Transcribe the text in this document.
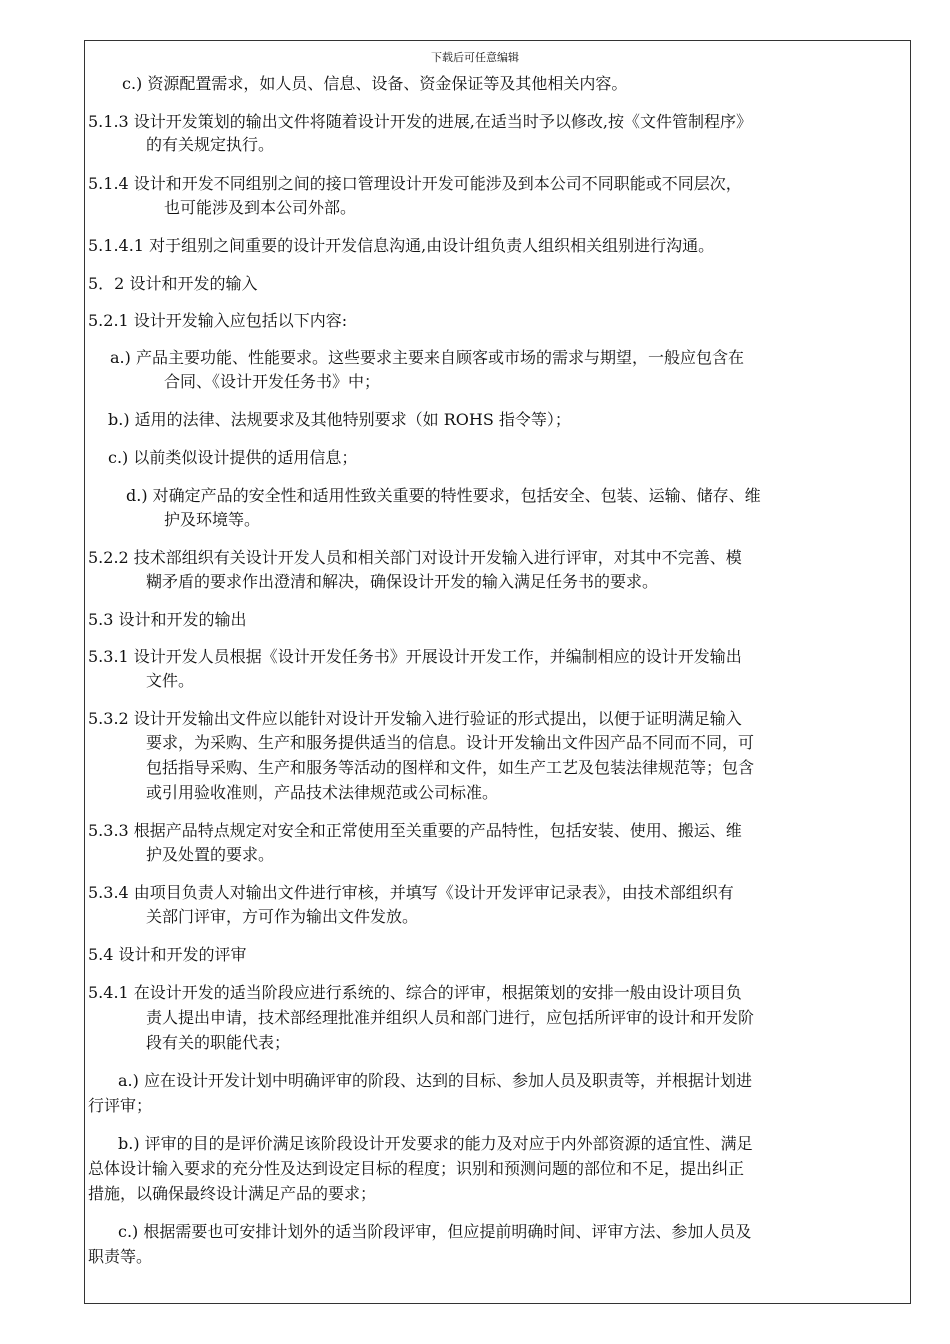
下载后可任意编辑
c.) 资源配置需求，如人员、信息、设备、资金保证等及其他相关内容。
5.1.3 设计开发策划的输出文件将随着设计开发的进展,在适当时予以修改,按《文件管制程序》
的有关规定执行。
5.1.4 设计和开发不同组别之间的接口管理设计开发可能涉及到本公司不同职能或不同层次，
也可能涉及到本公司外部。
5.1.4.1 对于组别之间重要的设计开发信息沟通,由设计组负责人组织相关组别进行沟通。
5．2 设计和开发的输入
5.2.1 设计开发输入应包括以下内容:
a.) 产品主要功能、性能要求。这些要求主要来自顾客或市场的需求与期望，一般应包含在
合同、《设计开发任务书》中；
b.) 适用的法律、法规要求及其他特别要求（如 ROHS 指令等）；
c.) 以前类似设计提供的适用信息；
d.) 对确定产品的安全性和适用性致关重要的特性要求，包括安全、包装、运输、储存、维
护及环境等。
5.2.2 技术部组织有关设计开发人员和相关部门对设计开发输入进行评审，对其中不完善、模
糊矛盾的要求作出澄清和解决，确保设计开发的输入满足任务书的要求。
5.3 设计和开发的输出
5.3.1 设计开发人员根据《设计开发任务书》开展设计开发工作，并编制相应的设计开发输出
文件。
5.3.2 设计开发输出文件应以能针对设计开发输入进行验证的形式提出，以便于证明满足输入
要求，为采购、生产和服务提供适当的信息。设计开发输出文件因产品不同而不同，可
包括指导采购、生产和服务等活动的图样和文件，如生产工艺及包装法律规范等；包含
或引用验收准则，产品技术法律规范或公司标准。
5.3.3 根据产品特点规定对安全和正常使用至关重要的产品特性，包括安装、使用、搬运、维
护及处置的要求。
5.3.4 由项目负责人对输出文件进行审核，并填写《设计开发评审记录表》，由技术部组织有
关部门评审，方可作为输出文件发放。
5.4 设计和开发的评审
5.4.1 在设计开发的适当阶段应进行系统的、综合的评审，根据策划的安排一般由设计项目负
责人提出申请，技术部经理批准并组织人员和部门进行，应包括所评审的设计和开发阶
段有关的职能代表；
a.) 应在设计开发计划中明确评审的阶段、达到的目标、参加人员及职责等，并根据计划进
行评审；
b.) 评审的目的是评价满足该阶段设计开发要求的能力及对应于内外部资源的适宜性、满足
总体设计输入要求的充分性及达到设定目标的程度；识别和预测问题的部位和不足，提出纠正
措施，以确保最终设计满足产品的要求；
c.) 根据需要也可安排计划外的适当阶段评审，但应提前明确时间、评审方法、参加人员及
职责等。
